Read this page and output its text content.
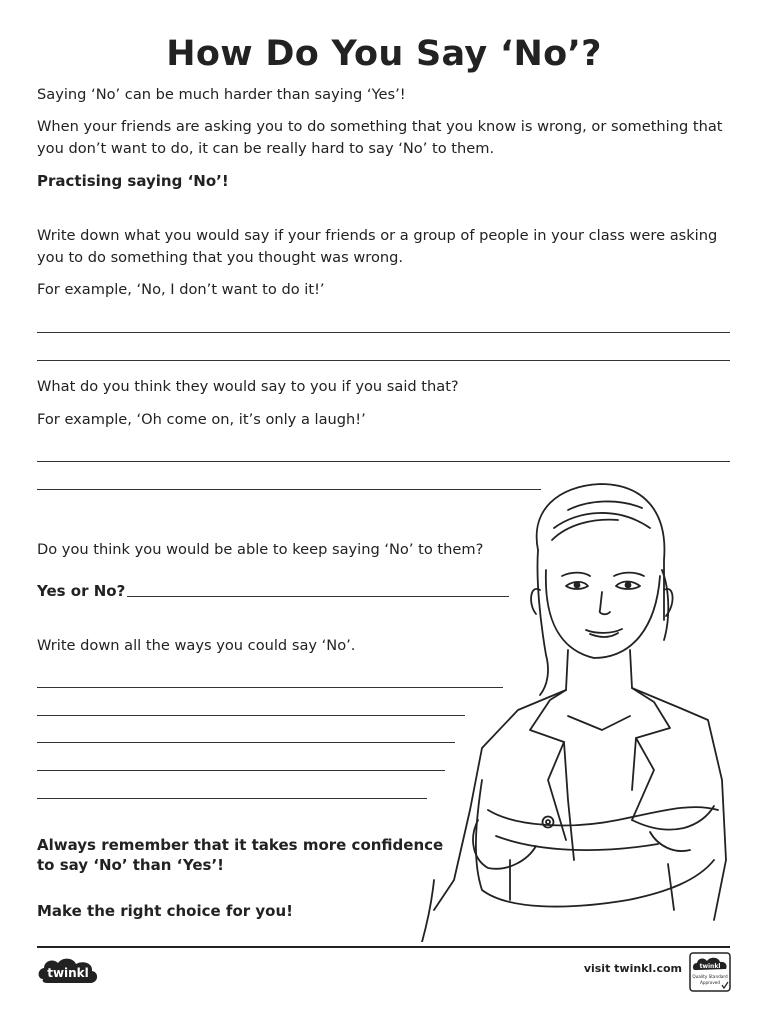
How Do You Say ‘No’?
Saying ‘No’ can be much harder than saying ‘Yes’!
When your friends are asking you to do something that you know is wrong, or something that
you don’t want to do, it can be really hard to say ‘No’ to them.
Practising saying ‘No’!
Write down what you would say if your friends or a group of people in your class were asking
you to do something that you thought was wrong.
For example, ‘No, I don’t want to do it!’
What do you think they would say to you if you said that?
For example, ‘Oh come on, it’s only a laugh!’
Do you think you would be able to keep saying ‘No’ to them?
Yes or No?
Write down all the ways you could say ‘No’.
Always remember that it takes more confidence
to say ‘No’ than ‘Yes’!
Make the right choice for you!
twinkl	visit twinkl.com	twinkl
Quality Standard
Approved
